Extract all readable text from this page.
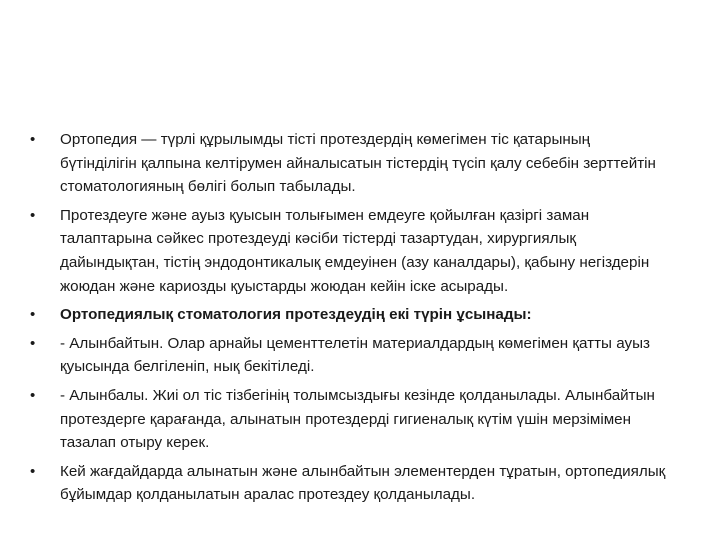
•	Ортопедия — түрлі құрылымды тісті протездердің көмегімен тіс қатарының бүтінділігін қалпына келтірумен айналысатын тістердің түсіп қалу себебін зерттейтін стоматологияның бөлігі болып табылады.
•	Протездеуге және ауыз қуысын толығымен емдеуге қойылған қазіргі заман талаптарына сәйкес протездеуді кәсіби тістерді тазартудан, хирургиялық дайындықтан, тістің эндодонтикалық емдеуінен (азу каналдары), қабыну негіздерін жоюдан және кариозды қуыстарды жоюдан кейін іске асырады.
•	Ортопедиялық стоматология протездеудің екі түрін ұсынады:
•	- Алынбайтын. Олар арнайы цементтелетін материалдардың көмегімен қатты ауыз қуысында белгіленіп, нық бекітіледі.
•	- Алынбалы. Жиі ол тіс тізбегінің толымсыздығы кезінде қолданылады. Алынбайтын протездерге қарағанда, алынатын протездерді гигиеналық күтім үшін мерзімімен тазалап отыру керек.
•	Кей жағдайдарда алынатын және алынбайтын элементерден тұратын, ортопедиялық бұйымдар қолданылатын аралас протездеу қолданылады.
